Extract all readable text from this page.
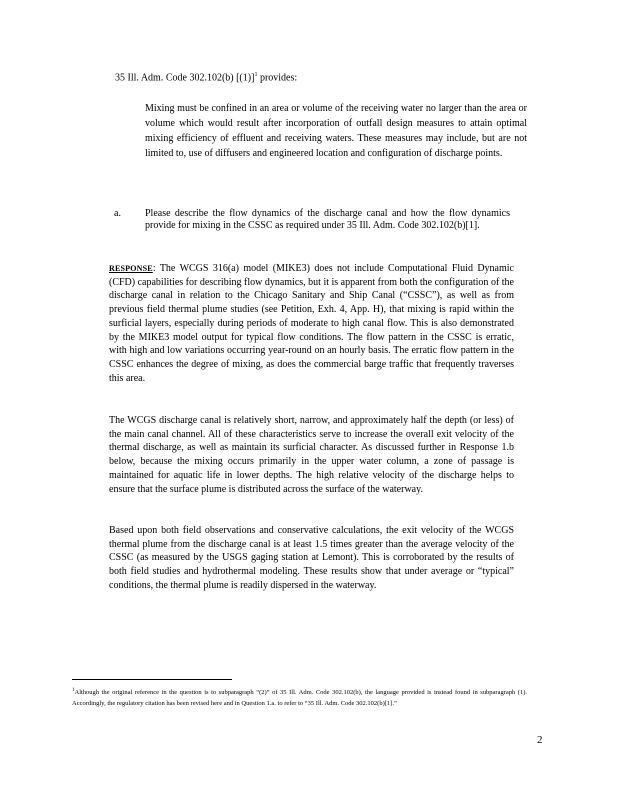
35 Ill. Adm. Code 302.102(b) $[(1)]^1$ provides:
Mixing must be confined in an area or volume of the receiving water no larger than the area or volume which would result after incorporation of outfall design measures to attain optimal mixing efficiency of effluent and receiving waters. These measures may include, but are not limited to, use of diffusers and engineered location and configuration of discharge points.
a. Please describe the flow dynamics of the discharge canal and how the flow dynamics provide for mixing in the CSSC as required under 35 Ill. Adm. Code 302.102(b)[1].
RESPONSE: The WCGS 316(a) model (MIKE3) does not include Computational Fluid Dynamic (CFD) capabilities for describing flow dynamics, but it is apparent from both the configuration of the discharge canal in relation to the Chicago Sanitary and Ship Canal (“CSSC”), as well as from previous field thermal plume studies (see Petition, Exh. 4, App. H), that mixing is rapid within the surficial layers, especially during periods of moderate to high canal flow. This is also demonstrated by the MIKE3 model output for typical flow conditions. The flow pattern in the CSSC is erratic, with high and low variations occurring year-round on an hourly basis. The erratic flow pattern in the CSSC enhances the degree of mixing, as does the commercial barge traffic that frequently traverses this area.
The WCGS discharge canal is relatively short, narrow, and approximately half the depth (or less) of the main canal channel. All of these characteristics serve to increase the overall exit velocity of the thermal discharge, as well as maintain its surficial character. As discussed further in Response 1.b below, because the mixing occurs primarily in the upper water column, a zone of passage is maintained for aquatic life in lower depths. The high relative velocity of the discharge helps to ensure that the surface plume is distributed across the surface of the waterway.
Based upon both field observations and conservative calculations, the exit velocity of the WCGS thermal plume from the discharge canal is at least 1.5 times greater than the average velocity of the CSSC (as measured by the USGS gaging station at Lemont). This is corroborated by the results of both field studies and hydrothermal modeling. These results show that under average or “typical” conditions, the thermal plume is readily dispersed in the waterway.
$^1$Although the original reference in the question is to subparagraph “(2)” of 35 Ill. Adm. Code 302.102(b), the language provided is instead found in subparagraph (1). Accordingly, the regulatory citation has been revised here and in Question 1.a. to refer to “35 Ill. Adm. Code 302.102(b)[1].”
2
